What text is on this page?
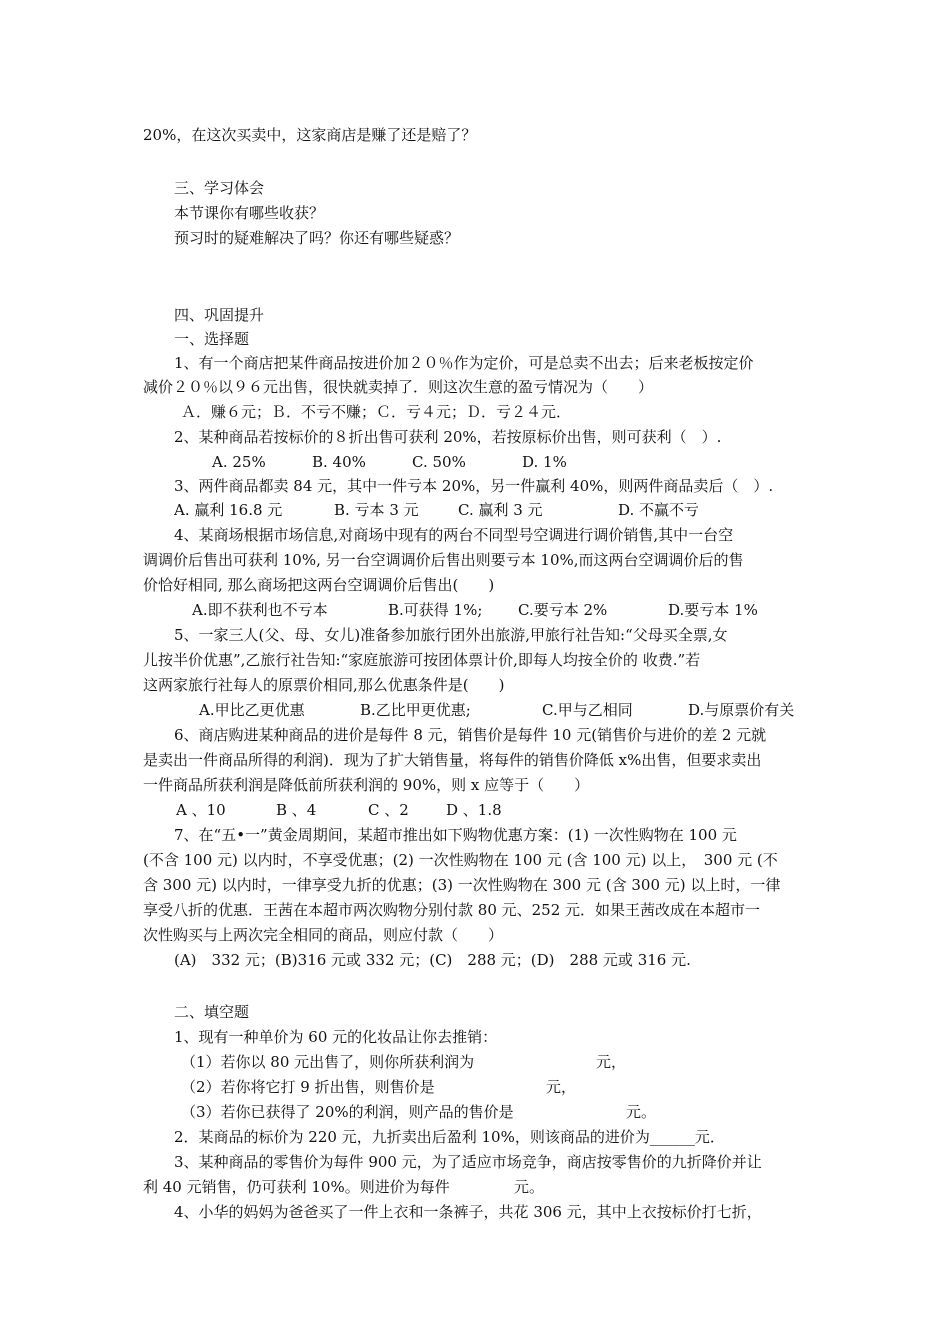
20%，在这次买卖中，这家商店是赚了还是赔了？
三、学习体会
本节课你有哪些收获？
预习时的疑难解决了吗？你还有哪些疑惑？
四、巩固提升
一、选择题
1、有一个商店把某件商品按进价加２０％作为定价，可是总卖不出去；后来老板按定价
减价２０％以９６元出售，很快就卖掉了．则这次生意的盈亏情况为（　　）
Ａ．赚６元；Ｂ．不亏不赚；Ｃ．亏４元；Ｄ．亏２４元．
2、某种商品若按标价的８折出售可获利 20%，若按原标价出售，则可获利（　）.
A. 25%	B. 40%	C. 50%	D. 1%
3、两件商品都卖 84 元，其中一件亏本 20%，另一件赢利 40%，则两件商品卖后（　）.
A. 赢利 16.8 元	B. 亏本 3 元	C. 赢利 3 元	D. 不赢不亏
4、某商场根据市场信息,对商场中现有的两台不同型号空调进行调价销售,其中一台空
调调价后售出可获利 10%, 另一台空调调价后售出则要亏本 10%,而这两台空调调价后的售
价恰好相同, 那么商场把这两台空调调价后售出(　　)
A.即不获利也不亏本	B.可获得 1%; C.要亏本 2%	D.要亏本 1%
5、一家三人(父、母、女儿)准备参加旅行团外出旅游,甲旅行社告知:“父母买全票,女
儿按半价优惠”,乙旅行社告知:“家庭旅游可按团体票计价,即每人均按全价的 收费.”若
这两家旅行社每人的原票价相同,那么优惠条件是(　　)
A.甲比乙更优惠	B.乙比甲更优惠;	C.甲与乙相同	D.与原票价有关
6、商店购进某种商品的进价是每件 8 元，销售价是每件 10 元(销售价与进价的差 2 元就
是卖出一件商品所得的利润)．现为了扩大销售量，将每件的销售价降低 x%出售，但要求卖出
一件商品所获利润是降低前所获利润的 90%，则 x 应等于（　　）
A 、10	B 、4	C 、2 D 、1.8
7、在“五•一”黄金周期间，某超市推出如下购物优惠方案：(1) 一次性购物在 100 元
(不含 100 元) 以内时，不享受优惠；(2) 一次性购物在 100 元 (含 100 元) 以上，　300 元 (不
含 300 元) 以内时，一律享受九折的优惠；(3) 一次性购物在 300 元 (含 300 元) 以上时，一律
享受八折的优惠．王茜在本超市两次购物分别付款 80 元、252 元．如果王茜改成在本超市一
次性购买与上两次完全相同的商品，则应付款（　　）
(A)　332 元；(B)316 元或 332 元；(C)　288 元；(D)　288 元或 316 元.
二、填空题
1、现有一种单价为 60 元的化妆品让你去推销：
（1）若你以 80 元出售了，则你所获利润为	元，
（2）若你将它打 9 折出售，则售价是	元，
（3）若你已获得了 20%的利润，则产品的售价是	元。
2．某商品的标价为 220 元，九折卖出后盈利 10%，则该商品的进价为______元．
3、某种商品的零售价为每件 900 元，为了适应市场竞争，商店按零售价的九折降价并让
利 40 元销售，仍可获利 10%。则进价为每件	元。
4、小华的妈妈为爸爸买了一件上衣和一条裤子，共花 306 元，其中上衣按标价打七折，
